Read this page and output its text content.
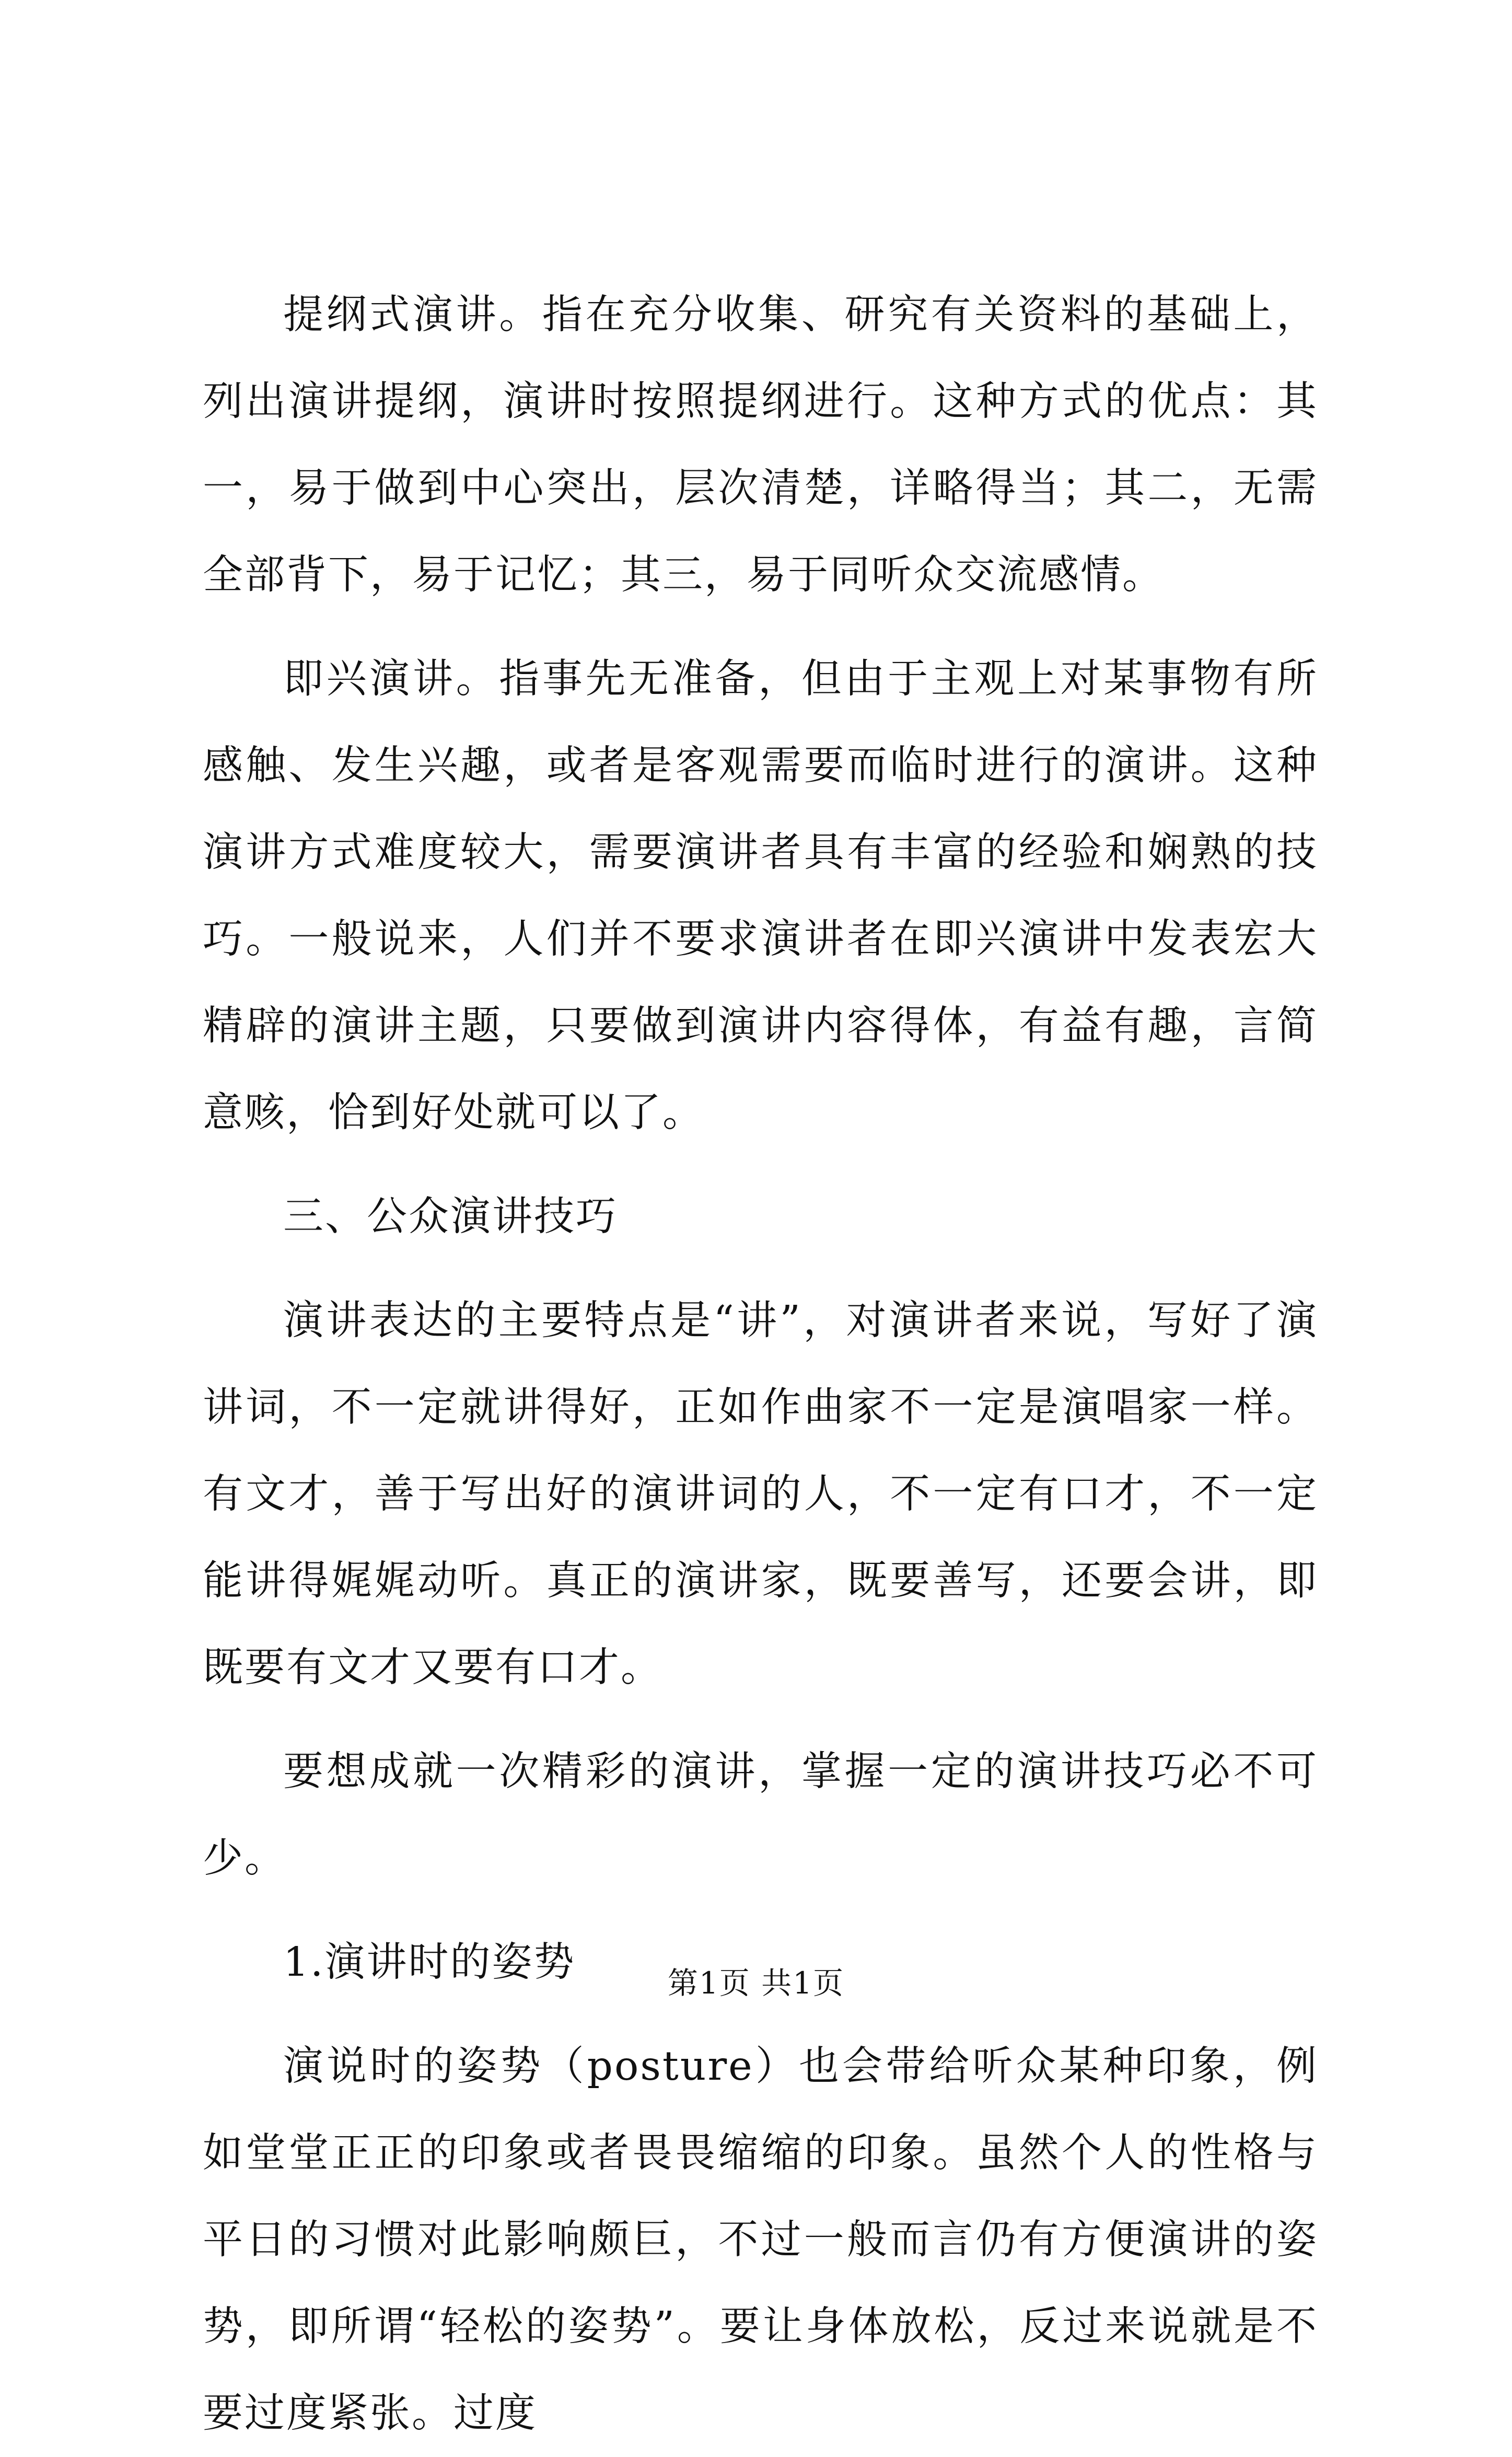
提纲式演讲。指在充分收集、研究有关资料的基础上，列出演讲提纲，演讲时按照提纲进行。这种方式的优点：其一，易于做到中心突出，层次清楚，详略得当；其二，无需全部背下，易于记忆；其三，易于同听众交流感情。

即兴演讲。指事先无准备，但由于主观上对某事物有所感触、发生兴趣，或者是客观需要而临时进行的演讲。这种演讲方式难度较大，需要演讲者具有丰富的经验和娴熟的技巧。一般说来，人们并不要求演讲者在即兴演讲中发表宏大精辟的演讲主题，只要做到演讲内容得体，有益有趣，言简意赅，恰到好处就可以了。

三、公众演讲技巧

演讲表达的主要特点是“讲”，对演讲者来说，写好了演讲词，不一定就讲得好，正如作曲家不一定是演唱家一样。有文才，善于写出好的演讲词的人，不一定有口才，不一定能讲得娓娓动听。真正的演讲家，既要善写，还要会讲，即既要有文才又要有口才。

要想成就一次精彩的演讲，掌握一定的演讲技巧必不可少。

1.演讲时的姿势

演说时的姿势（posture）也会带给听众某种印象，例如堂堂正正的印象或者畏畏缩缩的印象。虽然个人的性格与平日的习惯对此影响颇巨，不过一般而言仍有方便演讲的姿势，即所谓“轻松的姿势”。要让身体放松，反过来说就是不要过度紧张。过度

第1页 共1页
